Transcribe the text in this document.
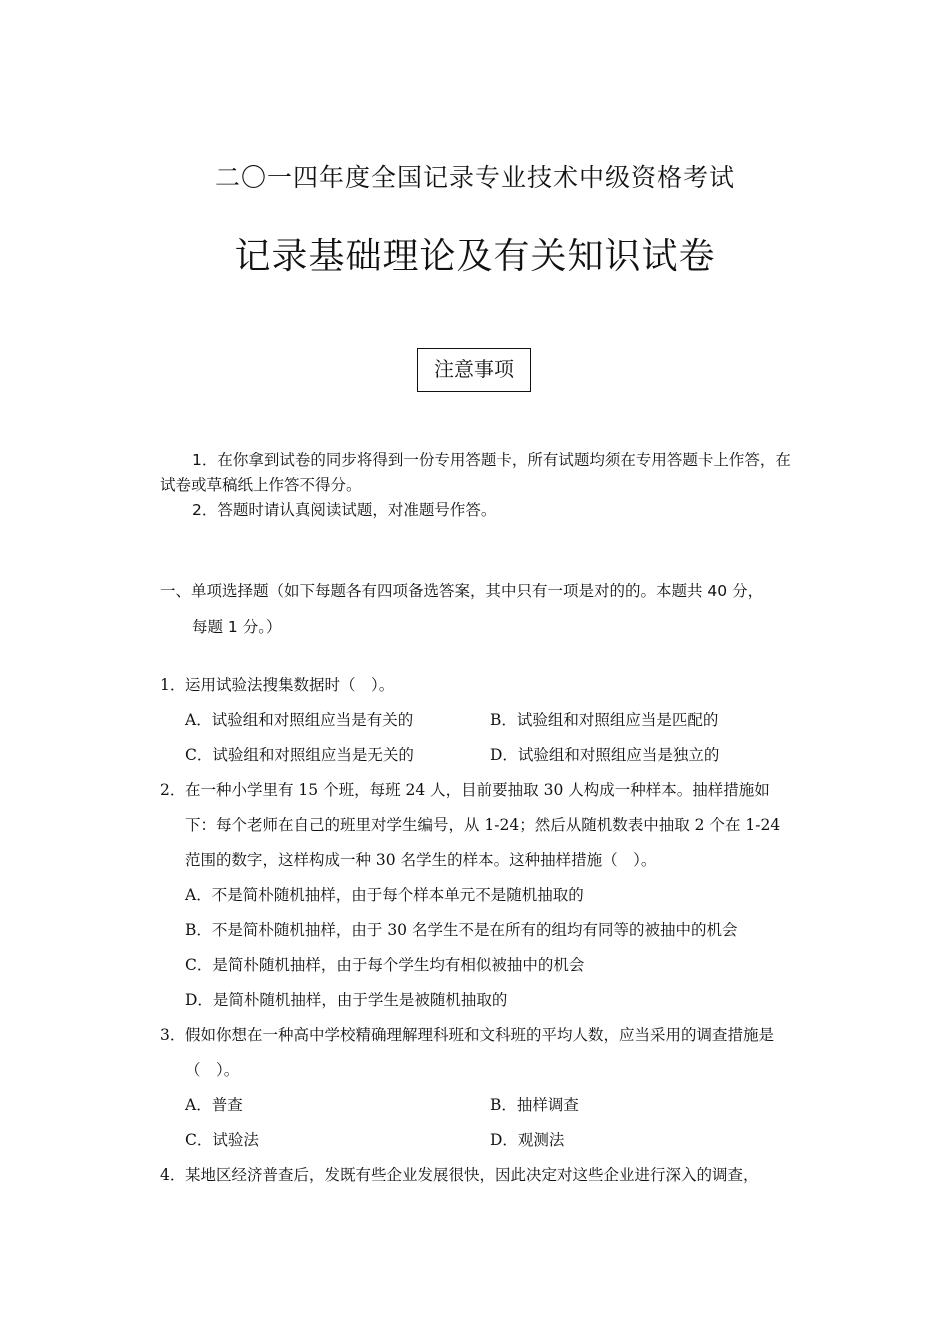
二〇一四年度全国记录专业技术中级资格考试
记录基础理论及有关知识试卷
注意事项

1．在你拿到试卷的同步将得到一份专用答题卡，所有试题均须在专用答题卡上作答，在试卷或草稿纸上作答不得分。

2．答题时请认真阅读试题，对准题号作答。

一、单项选择题（如下每题各有四项备选答案，其中只有一项是对的的。本题共 40 分，
每题 1 分。）
1． 运用试验法搜集数据时（　）。
A．试验组和对照组应当是有关的	B．试验组和对照组应当是匹配的
C．试验组和对照组应当是无关的	D．试验组和对照组应当是独立的
2． 在一种小学里有 15 个班，每班 24 人，目前要抽取 30 人构成一种样本。抽样措施如下：每个老师在自己的班里对学生编号，从 1-24；然后从随机数表中抽取 2 个在 1-24 范围的数字，这样构成一种 30 名学生的样本。这种抽样措施（　）。
A．不是简朴随机抽样，由于每个样本单元不是随机抽取的
B．不是简朴随机抽样，由于 30 名学生不是在所有的组均有同等的被抽中的机会
C．是简朴随机抽样，由于每个学生均有相似被抽中的机会
D．是简朴随机抽样，由于学生是被随机抽取的
3． 假如你想在一种高中学校精确理解理科班和文科班的平均人数，应当采用的调查措施是（　）。
A．普查	B．抽样调查
C．试验法	D．观测法
4． 某地区经济普查后，发既有些企业发展很快，因此决定对这些企业进行深入的调查，
